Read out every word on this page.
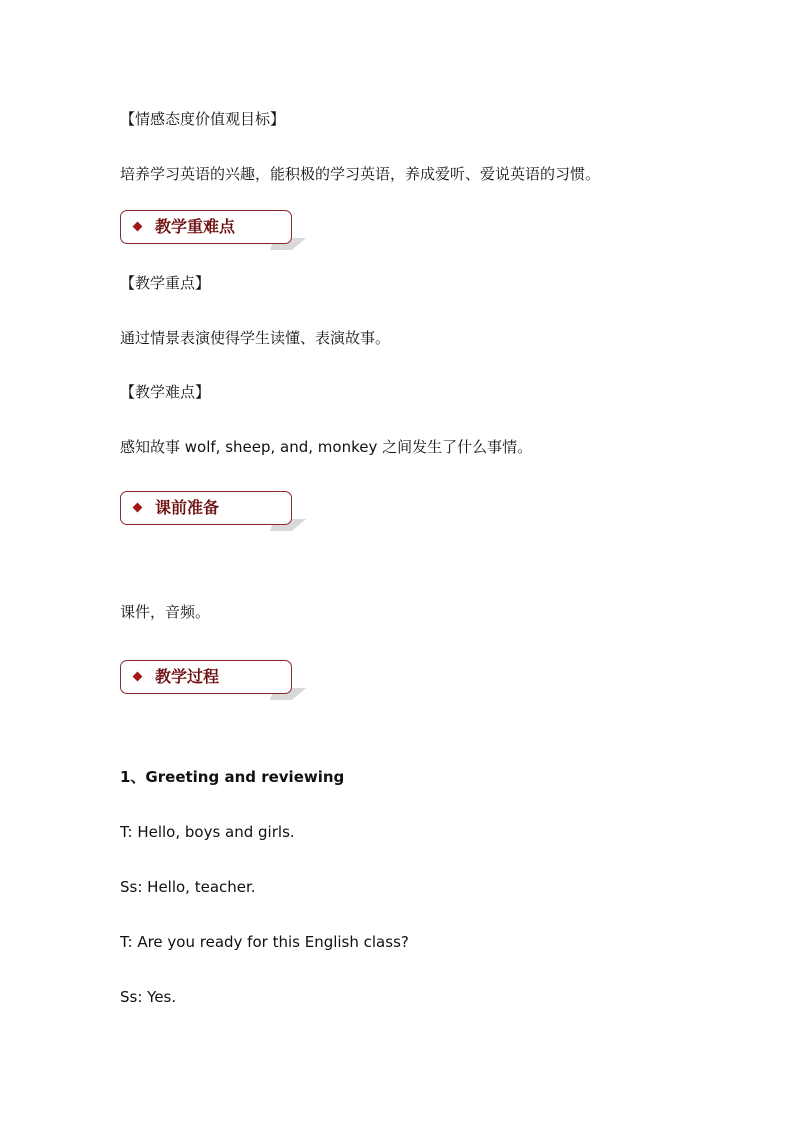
【情感态度价值观目标】
培养学习英语的兴趣，能积极的学习英语，养成爱听、爱说英语的习惯。
教学重难点
【教学重点】
通过情景表演使得学生读懂、表演故事。
【教学难点】
感知故事 wolf, sheep, and, monkey 之间发生了什么事情。
课前准备
课件，音频。
教学过程
1、Greeting and reviewing
T: Hello, boys and girls.
Ss: Hello, teacher.
T: Are you ready for this English class?
Ss: Yes.
